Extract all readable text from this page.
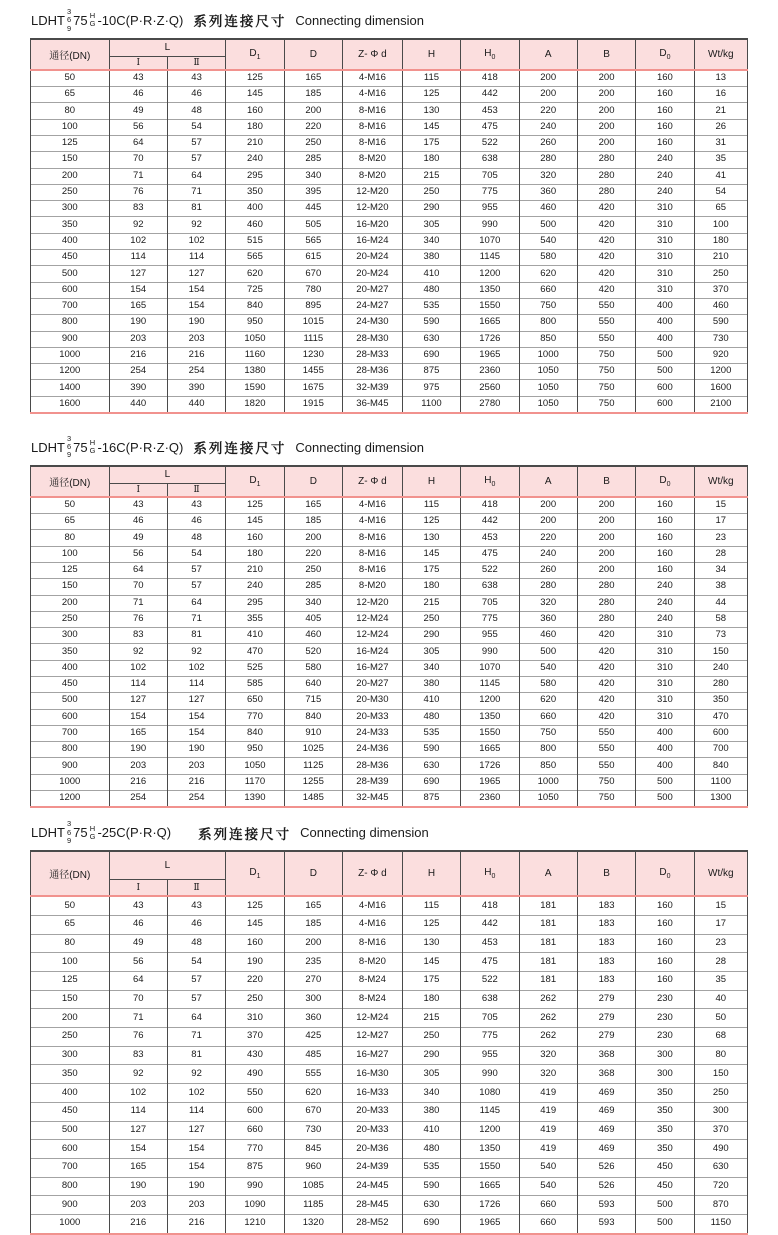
LDHT
3
6
9
75 H
G -10C(P·R·Z·Q) 系列连接尺寸 Connecting dimension
通径(DN)	L		$D_1$	D	Z- Φ d	H	$H_0$	A	B	$D_0$	Wt/kg
	Ⅰ	Ⅱ									
50	43	43	125	165	4-M16	115	418	200	200	160	13
65	46	46	145	185	4-M16	125	442	200	200	160	16
80	49	48	160	200	8-M16	130	453	220	200	160	21
100	56	54	180	220	8-M16	145	475	240	200	160	26
125	64	57	210	250	8-M16	175	522	260	200	160	31
150	70	57	240	285	8-M20	180	638	280	280	240	35
200	71	64	295	340	8-M20	215	705	320	280	240	41
250	76	71	350	395	12-M20	250	775	360	280	240	54
300	83	81	400	445	12-M20	290	955	460	420	310	65
350	92	92	460	505	16-M20	305	990	500	420	310	100
400	102	102	515	565	16-M24	340	1070	540	420	310	180
450	114	114	565	615	20-M24	380	1145	580	420	310	210
500	127	127	620	670	20-M24	410	1200	620	420	310	250
600	154	154	725	780	20-M27	480	1350	660	420	310	370
700	165	154	840	895	24-M27	535	1550	750	550	400	460
800	190	190	950	1015	24-M30	590	1665	800	550	400	590
900	203	203	1050	1115	28-M30	630	1726	850	550	400	730
1000	216	216	1160	1230	28-M33	690	1965	1000	750	500	920
1200	254	254	1380	1455	28-M36	875	2360	1050	750	500	1200
1400	390	390	1590	1675	32-M39	975	2560	1050	750	600	1600
1600	440	440	1820	1915	36-M45	1100	2780	1050	750	600	2100
LDHT
3
6
9
75 H
G -16C(P·R·Z·Q) 系列连接尺寸 Connecting dimension
通径(DN)	L		$D_1$	D	Z- Φ d	H	$H_0$	A	B	$D_0$	Wt/kg
	Ⅰ	Ⅱ									
50	43	43	125	165	4-M16	115	418	200	200	160	15
65	46	46	145	185	4-M16	125	442	200	200	160	17
80	49	48	160	200	8-M16	130	453	220	200	160	23
100	56	54	180	220	8-M16	145	475	240	200	160	28
125	64	57	210	250	8-M16	175	522	260	200	160	34
150	70	57	240	285	8-M20	180	638	280	280	240	38
200	71	64	295	340	12-M20	215	705	320	280	240	44
250	76	71	355	405	12-M24	250	775	360	280	240	58
300	83	81	410	460	12-M24	290	955	460	420	310	73
350	92	92	470	520	16-M24	305	990	500	420	310	150
400	102	102	525	580	16-M27	340	1070	540	420	310	240
450	114	114	585	640	20-M27	380	1145	580	420	310	280
500	127	127	650	715	20-M30	410	1200	620	420	310	350
600	154	154	770	840	20-M33	480	1350	660	420	310	470
700	165	154	840	910	24-M33	535	1550	750	550	400	600
800	190	190	950	1025	24-M36	590	1665	800	550	400	700
900	203	203	1050	1125	28-M36	630	1726	850	550	400	840
1000	216	216	1170	1255	28-M39	690	1965	1000	750	500	1100
1200	254	254	1390	1485	32-M45	875	2360	1050	750	500	1300
LDHT
3
6
9
75 H
G -25C(P·R·Q) 系列连接尺寸 Connecting dimension
通径(DN)	L		$D_1$	D	Z- Φ d	H	$H_0$	A	B	$D_0$	Wt/kg
	Ⅰ	Ⅱ									
50	43	43	125	165	4-M16	115	418	181	183	160	15
65	46	46	145	185	4-M16	125	442	181	183	160	17
80	49	48	160	200	8-M16	130	453	181	183	160	23
100	56	54	190	235	8-M20	145	475	181	183	160	28
125	64	57	220	270	8-M24	175	522	181	183	160	35
150	70	57	250	300	8-M24	180	638	262	279	230	40
200	71	64	310	360	12-M24	215	705	262	279	230	50
250	76	71	370	425	12-M27	250	775	262	279	230	68
300	83	81	430	485	16-M27	290	955	320	368	300	80
350	92	92	490	555	16-M30	305	990	320	368	300	150
400	102	102	550	620	16-M33	340	1080	419	469	350	250
450	114	114	600	670	20-M33	380	1145	419	469	350	300
500	127	127	660	730	20-M33	410	1200	419	469	350	370
600	154	154	770	845	20-M36	480	1350	419	469	350	490
700	165	154	875	960	24-M39	535	1550	540	526	450	630
800	190	190	990	1085	24-M45	590	1665	540	526	450	720
900	203	203	1090	1185	28-M45	630	1726	660	593	500	870
1000	216	216	1210	1320	28-M52	690	1965	660	593	500	1150
